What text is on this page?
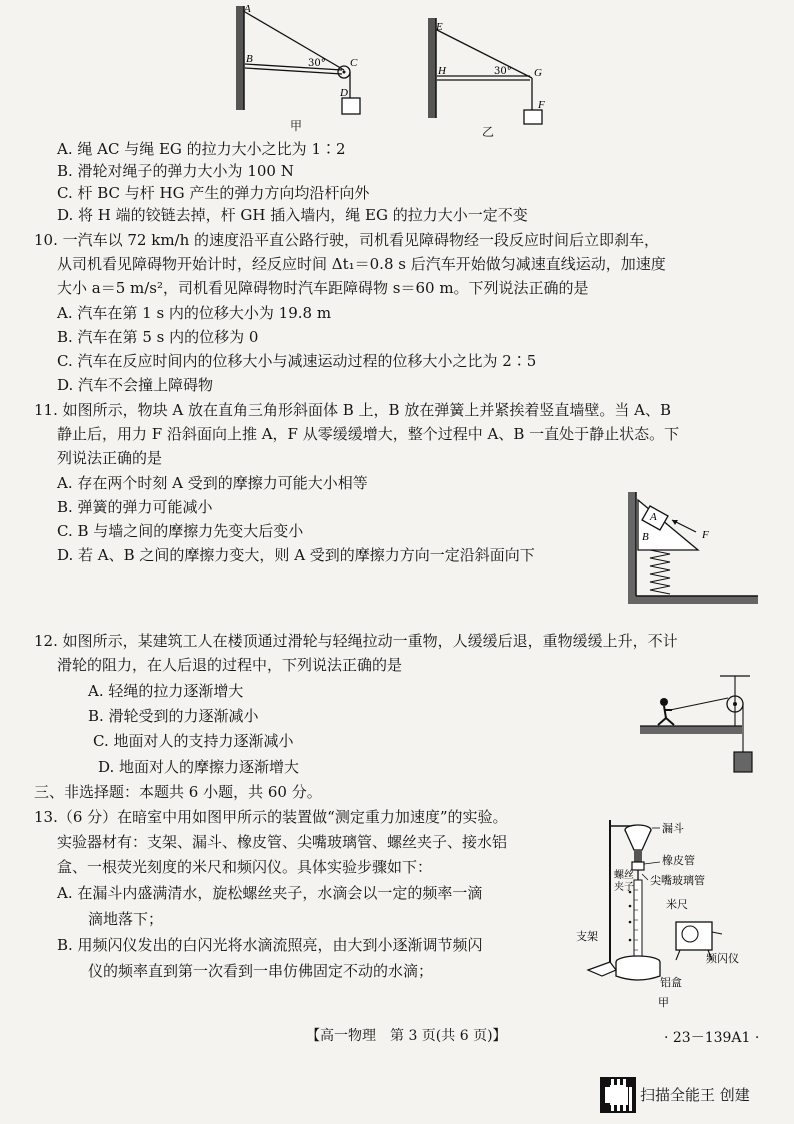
A
B	C
D
30°
甲
E
H	G
F
30°
乙
A. 绳 AC 与绳 EG 的拉力大小之比为 1∶2
B. 滑轮对绳子的弹力大小为 100 N
C. 杆 BC 与杆 HG 产生的弹力方向均沿杆向外
D. 将 H 端的铰链去掉，杆 GH 插入墙内，绳 EG 的拉力大小一定不变
10. 一汽车以 72 km/h 的速度沿平直公路行驶，司机看见障碍物经一段反应时间后立即刹车，
从司机看见障碍物开始计时，经反应时间 Δt₁＝0.8 s 后汽车开始做匀减速直线运动，加速度
大小 a＝5 m/s²，司机看见障碍物时汽车距障碍物 s＝60 m。下列说法正确的是
A. 汽车在第 1 s 内的位移大小为 19.8 m
B. 汽车在第 5 s 内的位移为 0
C. 汽车在反应时间内的位移大小与减速运动过程的位移大小之比为 2∶5
D. 汽车不会撞上障碍物
11. 如图所示，物块 A 放在直角三角形斜面体 B 上，B 放在弹簧上并紧挨着竖直墙壁。当 A、B
静止后，用力 F 沿斜面向上推 A，F 从零缓缓增大，整个过程中 A、B 一直处于静止状态。下
列说法正确的是
A. 存在两个时刻 A 受到的摩擦力可能大小相等
B. 弹簧的弹力可能减小
C. B 与墙之间的摩擦力先变大后变小
D. 若 A、B 之间的摩擦力变大，则 A 受到的摩擦力方向一定沿斜面向下
A
B	F
12. 如图所示，某建筑工人在楼顶通过滑轮与轻绳拉动一重物，人缓缓后退，重物缓缓上升，不计
滑轮的阻力，在人后退的过程中，下列说法正确的是
A. 轻绳的拉力逐渐增大
B. 滑轮受到的力逐渐减小
C. 地面对人的支持力逐渐减小
D. 地面对人的摩擦力逐渐增大
三、非选择题：本题共 6 小题，共 60 分。
13.（6 分）在暗室中用如图甲所示的装置做“测定重力加速度”的实验。
实验器材有：支架、漏斗、橡皮管、尖嘴玻璃管、螺丝夹子、接水铝
盒、一根荧光刻度的米尺和频闪仪。具体实验步骤如下：
A. 在漏斗内盛满清水，旋松螺丝夹子，水滴会以一定的频率一滴
滴地落下；
B. 用频闪仪发出的白闪光将水滴流照亮，由大到小逐渐调节频闪
仪的频率直到第一次看到一串仿佛固定不动的水滴；
漏斗
橡皮管
螺丝
夹子
尖嘴玻璃管
米尺
支架
频闪仪
铝盒
甲
【高一物理　第 3 页(共 6 页)】	· 23－139A1 ·
扫描全能王 创建
